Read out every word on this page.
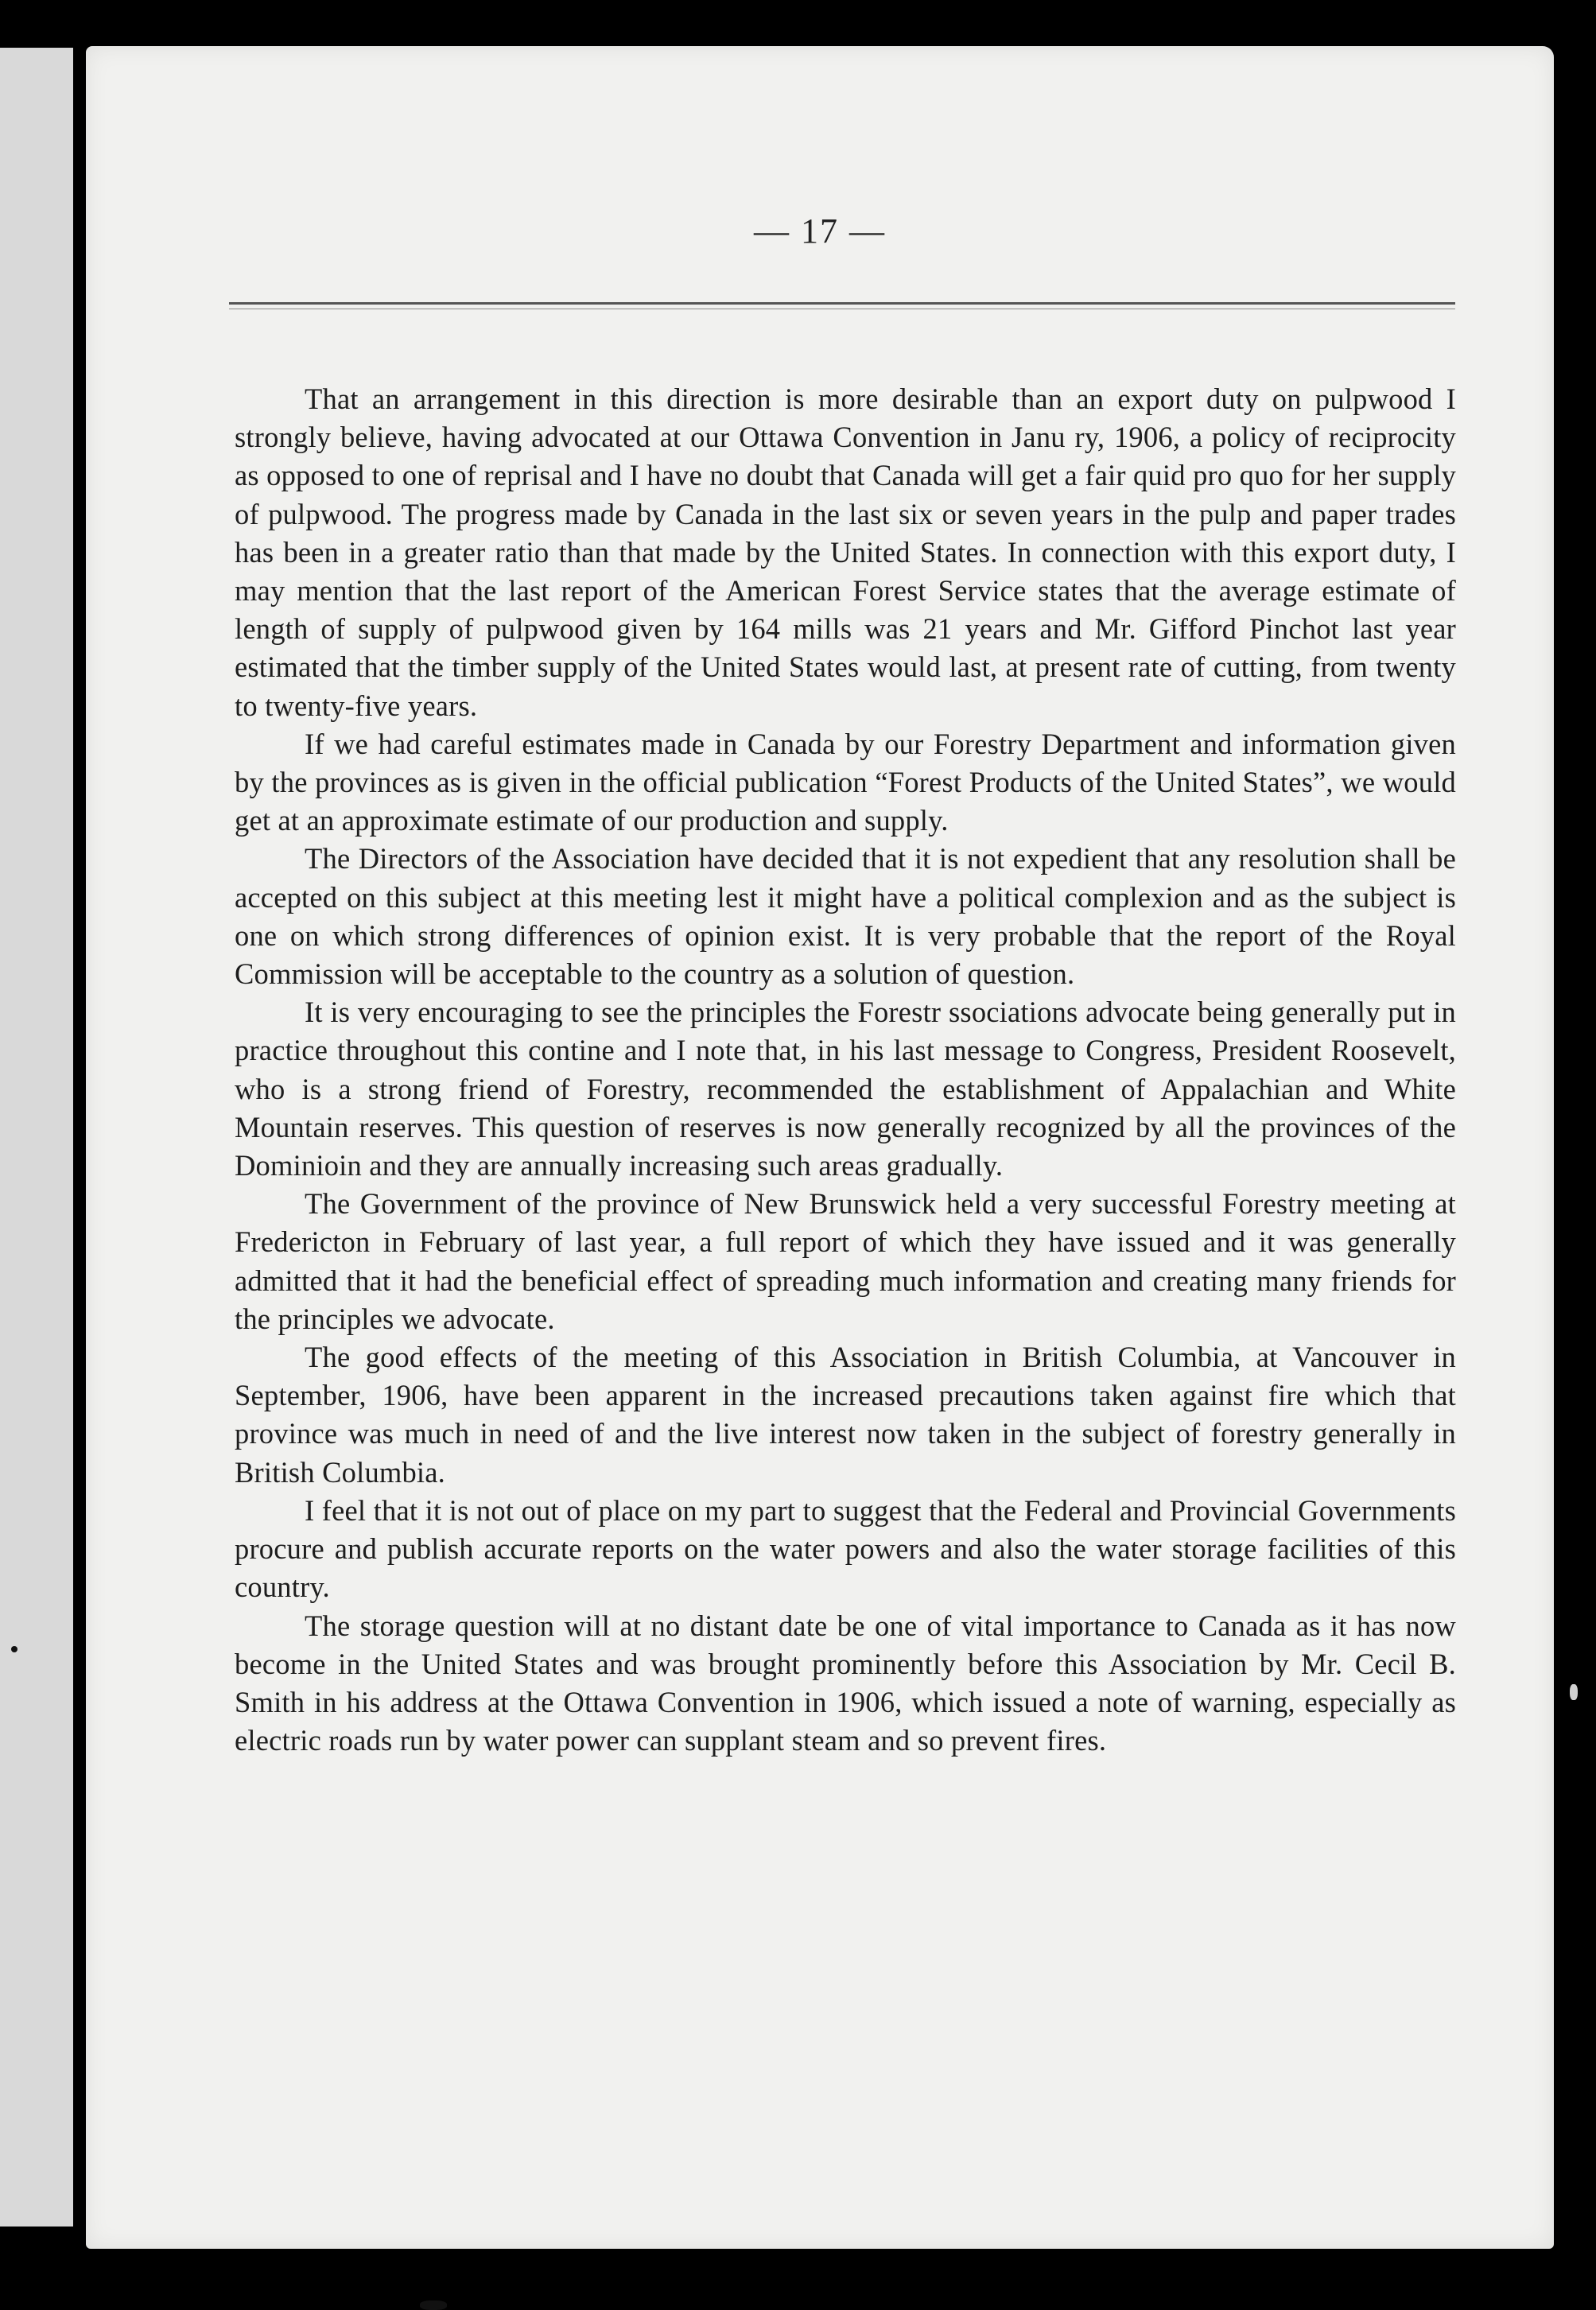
— 17 —

That an arrangement in this direction is more desirable than an export duty on pulpwood I strongly believe, having advocated at our Ottawa Convention in Janu ry, 1906, a policy of reciprocity as opposed to one of reprisal and I have no doubt that Canada will get a fair quid pro quo for her supply of pulpwood. The progress made by Canada in the last six or seven years in the pulp and paper trades has been in a greater ratio than that made by the United States. In connection with this export duty, I may mention that the last report of the American Forest Service states that the average estimate of length of supply of pulpwood given by 164 mills was 21 years and Mr. Gifford Pinchot last year estimated that the timber supply of the United States would last, at present rate of cutting, from twenty to twenty-five years.

If we had careful estimates made in Canada by our Forestry Department and information given by the provinces as is given in the official publication “Forest Products of the United States”, we would get at an approximate estimate of our production and supply.

The Directors of the Association have decided that it is not expedient that any resolution shall be accepted on this subject at this meeting lest it might have a political complexion and as the subject is one on which strong differences of opinion exist. It is very probable that the report of the Royal Commission will be acceptable to the country as a solution of question.

It is very encouraging to see the principles the Forestr ssociations advocate being generally put in practice throughout this contine and I note that, in his last message to Congress, President Roosevelt, who is a strong friend of Forestry, recommended the establishment of Appalachian and White Mountain reserves. This question of reserves is now generally recognized by all the provinces of the Dominioin and they are annually increasing such areas gradually.

The Government of the province of New Brunswick held a very successful Forestry meeting at Fredericton in February of last year, a full report of which they have issued and it was generally admitted that it had the beneficial effect of spreading much information and creating many friends for the principles we advocate.

The good effects of the meeting of this Association in British Columbia, at Vancouver in September, 1906, have been apparent in the increased precautions taken against fire which that province was much in need of and the live interest now taken in the subject of forestry generally in British Columbia.

I feel that it is not out of place on my part to suggest that the Federal and Provincial Governments procure and publish accurate reports on the water powers and also the water storage facilities of this country.

The storage question will at no distant date be one of vital importance to Canada as it has now become in the United States and was brought prominently before this Association by Mr. Cecil B. Smith in his address at the Ottawa Convention in 1906, which issued a note of warning, especially as electric roads run by water power can supplant steam and so prevent fires.
